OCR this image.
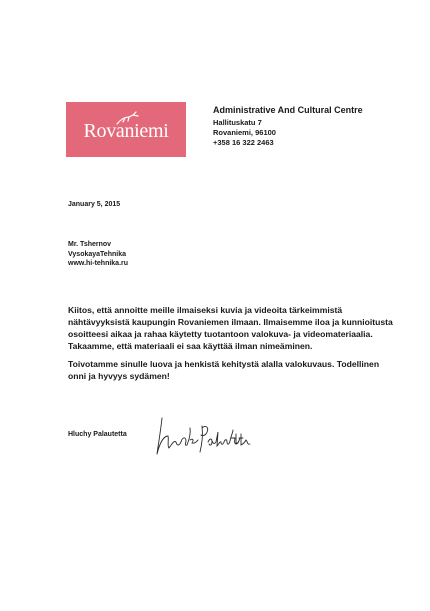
Rovaniemi
Administrative And Cultural Centre
Hallituskatu 7
Rovaniemi, 96100
+358 16 322 2463
January 5, 2015
Mr. Tshernov
VysokayaTehnika
www.hi-tehnika.ru

Kiitos, että annoitte meille ilmaiseksi kuvia ja videoita tärkeimmistä nähtävyyksistä kaupungin Rovaniemen ilmaan. Ilmaisemme iloa ja kunnioitusta osoitteesi aikaa ja rahaa käytetty tuotantoon valokuva- ja videomateriaalia. Takaamme, että materiaali ei saa käyttää ilman nimeäminen.

Toivotamme sinulle luova ja henkistä kehitystä alalla valokuvaus. Todellinen onni ja hyvyys sydämen!

Hluchy Palautetta
